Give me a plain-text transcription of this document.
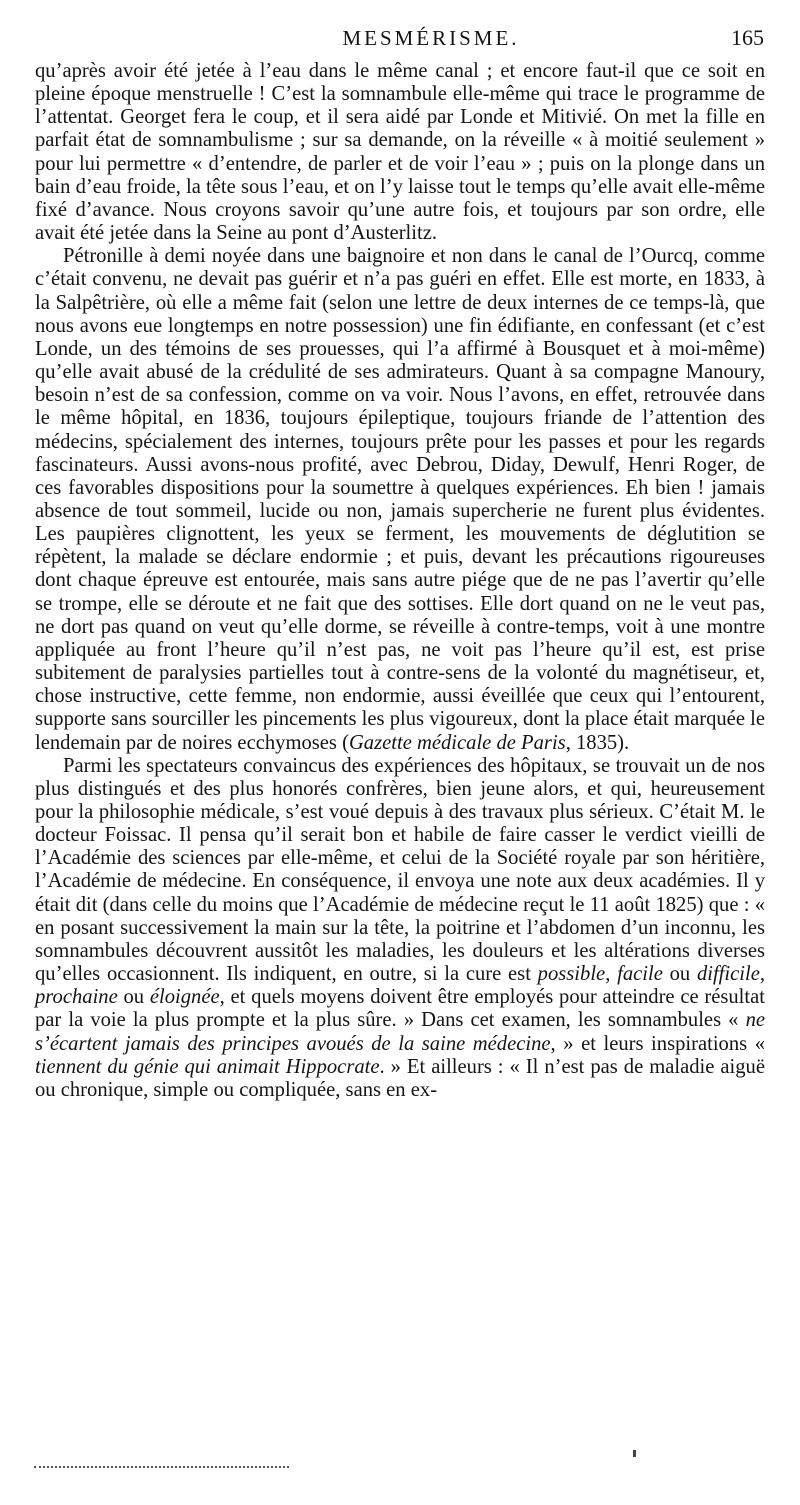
MESMÉRISME.	165

qu’après avoir été jetée à l’eau dans le même canal ; et encore faut-il que ce soit en pleine époque menstruelle ! C’est la somnambule elle-même qui trace le programme de l’attentat. Georget fera le coup, et il sera aidé par Londe et Mitivié. On met la fille en parfait état de somnambulisme ; sur sa demande, on la réveille « à moitié seulement » pour lui permettre « d’entendre, de parler et de voir l’eau » ; puis on la plonge dans un bain d’eau froide, la tête sous l’eau, et on l’y laisse tout le temps qu’elle avait elle-même fixé d’avance. Nous croyons savoir qu’une autre fois, et toujours par son ordre, elle avait été jetée dans la Seine au pont d’Austerlitz.

Pétronille à demi noyée dans une baignoire et non dans le canal de l’Ourcq, comme c’était convenu, ne devait pas guérir et n’a pas guéri en effet. Elle est morte, en 1833, à la Salpêtrière, où elle a même fait (selon une lettre de deux internes de ce temps-là, que nous avons eue longtemps en notre possession) une fin édifiante, en confessant (et c’est Londe, un des témoins de ses prouesses, qui l’a affirmé à Bousquet et à moi-même) qu’elle avait abusé de la crédulité de ses admirateurs. Quant à sa compagne Manoury, besoin n’est de sa confession, comme on va voir. Nous l’avons, en effet, retrouvée dans le même hôpital, en 1836, toujours épileptique, toujours friande de l’attention des médecins, spécialement des internes, toujours prête pour les passes et pour les regards fascinateurs. Aussi avons-nous profité, avec Debrou, Diday, Dewulf, Henri Roger, de ces favorables dispositions pour la soumettre à quelques expériences. Eh bien ! jamais absence de tout sommeil, lucide ou non, jamais supercherie ne furent plus évidentes. Les paupières clignottent, les yeux se ferment, les mouvements de déglutition se répètent, la malade se déclare endormie ; et puis, devant les précautions rigoureuses dont chaque épreuve est entourée, mais sans autre piége que de ne pas l’avertir qu’elle se trompe, elle se déroute et ne fait que des sottises. Elle dort quand on ne le veut pas, ne dort pas quand on veut qu’elle dorme, se réveille à contre-temps, voit à une montre appliquée au front l’heure qu’il n’est pas, ne voit pas l’heure qu’il est, est prise subitement de paralysies partielles tout à contre-sens de la volonté du magnétiseur, et, chose instructive, cette femme, non endormie, aussi éveillée que ceux qui l’entourent, supporte sans sourciller les pincements les plus vigoureux, dont la place était marquée le lendemain par de noires ecchymoses (Gazette médicale de Paris, 1835).

Parmi les spectateurs convaincus des expériences des hôpitaux, se trouvait un de nos plus distingués et des plus honorés confrères, bien jeune alors, et qui, heureusement pour la philosophie médicale, s’est voué depuis à des travaux plus sérieux. C’était M. le docteur Foissac. Il pensa qu’il serait bon et habile de faire casser le verdict vieilli de l’Académie des sciences par elle-même, et celui de la Société royale par son héritière, l’Académie de médecine. En conséquence, il envoya une note aux deux académies. Il y était dit (dans celle du moins que l’Académie de médecine reçut le 11 août 1825) que : « en posant successivement la main sur la tête, la poitrine et l’abdomen d’un inconnu, les somnambules découvrent aussitôt les maladies, les douleurs et les altérations diverses qu’elles occasionnent. Ils indiquent, en outre, si la cure est possible, facile ou difficile, prochaine ou éloignée, et quels moyens doivent être employés pour atteindre ce résultat par la voie la plus prompte et la plus sûre. » Dans cet examen, les somnambules « ne s’écartent jamais des principes avoués de la saine médecine, » et leurs inspirations « tiennent du génie qui animait Hippocrate. » Et ailleurs : « Il n’est pas de maladie aiguë ou chronique, simple ou compliquée, sans en ex-
